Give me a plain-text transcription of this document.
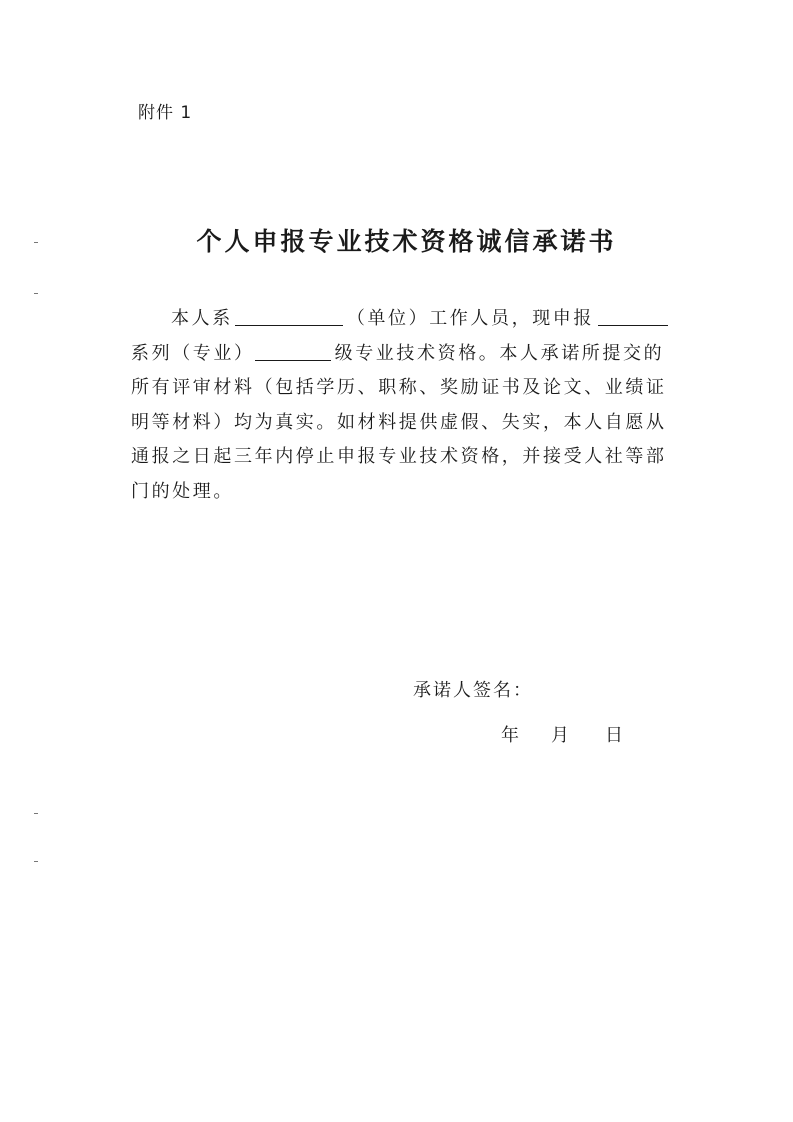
附件 1
个人申报专业技术资格诚信承诺书

本人系	（单位）工作人员，现申报
系列（专业）	级专业技术资格。本人承诺所提交的
所有评审材料（包括学历、职称、奖励证书及论文、业绩证
明等材料）均为真实。如材料提供虚假、失实，本人自愿从
通报之日起三年内停止申报专业技术资格，并接受人社等部
门的处理。

承诺人签名：
年 月 日
